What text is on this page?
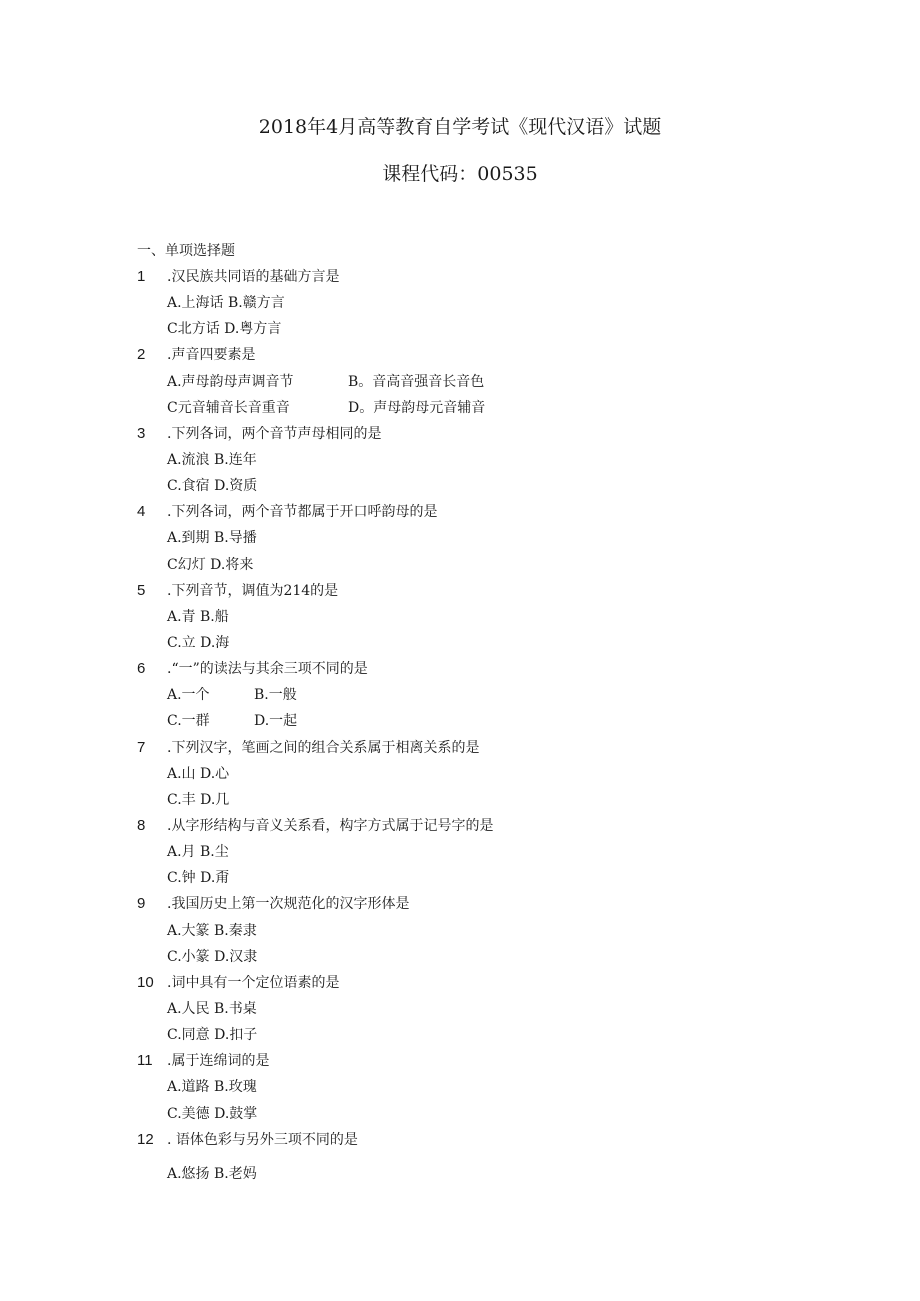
2018年4月高等教育自学考试《现代汉语》试题
课程代码：00535
一、单项选择题
1 .汉民族共同语的基础方言是
A.上海话 B.赣方言
C北方话 D.粤方言
2 .声音四要素是
A.声母韵母声调音节	B。音高音强音长音色
C元音辅音长音重音	D。声母韵母元音辅音
3 .下列各词，两个音节声母相同的是
A.流浪 B.连年
C.食宿 D.资质
4 .下列各词，两个音节都属于开口呼韵母的是
A.到期 B.导播
C幻灯 D.将来
5 .下列音节，调值为214的是
A.青 B.船
C.立 D.海
6 .“一”的读法与其余三项不同的是
A.一个	B.一般
C.一群	D.一起
7 .下列汉字，笔画之间的组合关系属于相离关系的是
A.山 D.心
C.丰 D.几
8 .从字形结构与音义关系看，构字方式属于记号字的是
A.月 B.尘
C.钟 D.甭
9 .我国历史上第一次规范化的汉字形体是
A.大篆 B.秦隶
C.小篆 D.汉隶
10 .词中具有一个定位语素的是
A.人民 B.书桌
C.同意 D.扣子
11 .属于连绵词的是
A.道路 B.玫瑰
C.美德 D.鼓掌
12 . 语体色彩与另外三项不同的是
A.悠扬 B.老妈
